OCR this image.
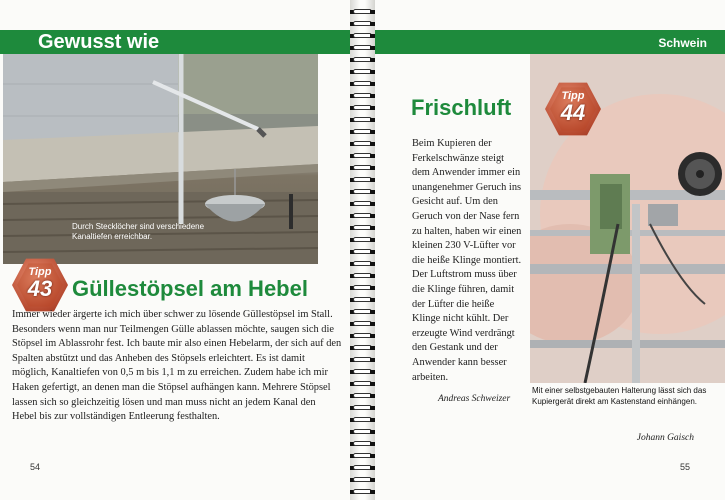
Gewusst wie	Schwein
Durch Stecklöcher sind verschiedene Kanaltiefen erreichbar.
Tipp
43
Tipp
44
Güllestöpsel am Hebel

Immer wieder ärgerte ich mich über schwer zu lösende Güllestöpsel im Stall. Besonders wenn man nur Teilmengen Gülle ablassen möchte, saugen sich die Stöpsel im Ablassrohr fest. Ich baute mir also einen Hebelarm, der sich auf den Spalten abstützt und das Anheben des Stöpsels erleichtert. Es ist damit möglich, Kanaltiefen von 0,5 m bis 1,1 m zu erreichen. Zudem habe ich mir Haken gefertigt, an denen man die Stöpsel aufhängen kann. Mehrere Stöpsel lassen sich so gleichzeitig lösen und man muss nicht an jedem Kanal den Hebel bis zur vollständigen Entleerung festhalten.

Johann Gaisch
54
Frischluft

Beim Kupieren der Ferkelschwänze steigt dem Anwender immer ein unangenehmer Geruch ins Gesicht auf. Um den Geruch von der Nase fern zu halten, haben wir einen kleinen 230 V-Lüfter vor die heiße Klinge montiert. Der Luftstrom muss über die Klinge führen, damit der Lüfter die heiße Klinge nicht kühlt. Der erzeugte Wind verdrängt den Gestank und der Anwender kann besser arbeiten.

Andreas Schweizer
Mit einer selbstgebauten Halterung lässt sich das Kupiergerät direkt am Kastenstand einhängen.
55
